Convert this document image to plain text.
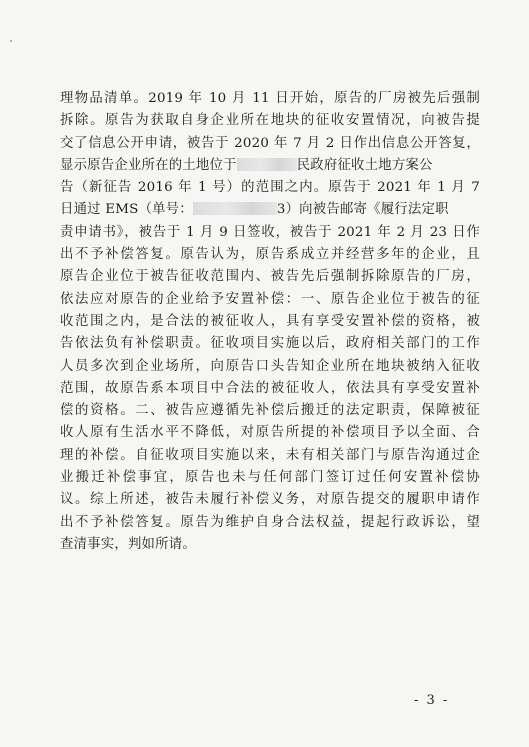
理物品清单。2019 年 10 月 11 日开始，原告的厂房被先后强制
拆除。原告为获取自身企业所在地块的征收安置情况，向被告提
交了信息公开申请，被告于 2020 年 7 月 2 日作出信息公开答复，
显示原告企业所在的土地位于	民政府征收土地方案公
告（新征告 2016 年 1 号）的范围之内。原告于 2021 年 1 月 7
日通过 EMS（单号：	3）向被告邮寄《履行法定职
责申请书》，被告于 1 月 9 日签收，被告于 2021 年 2 月 23 日作
出不予补偿答复。原告认为，原告系成立并经营多年的企业，且
原告企业位于被告征收范围内、被告先后强制拆除原告的厂房，
依法应对原告的企业给予安置补偿：一、原告企业位于被告的征
收范围之内，是合法的被征收人，具有享受安置补偿的资格，被
告依法负有补偿职责。征收项目实施以后，政府相关部门的工作
人员多次到企业场所，向原告口头告知企业所在地块被纳入征收
范围，故原告系本项目中合法的被征收人，依法具有享受安置补
偿的资格。二、被告应遵循先补偿后搬迁的法定职责，保障被征
收人原有生活水平不降低，对原告所提的补偿项目予以全面、合
理的补偿。自征收项目实施以来，未有相关部门与原告沟通过企
业搬迁补偿事宜，原告也未与任何部门签订过任何安置补偿协
议。综上所述，被告未履行补偿义务，对原告提交的履职申请作
出不予补偿答复。原告为维护自身合法权益，提起行政诉讼，望
查清事实，判如所请。
- 3 -
